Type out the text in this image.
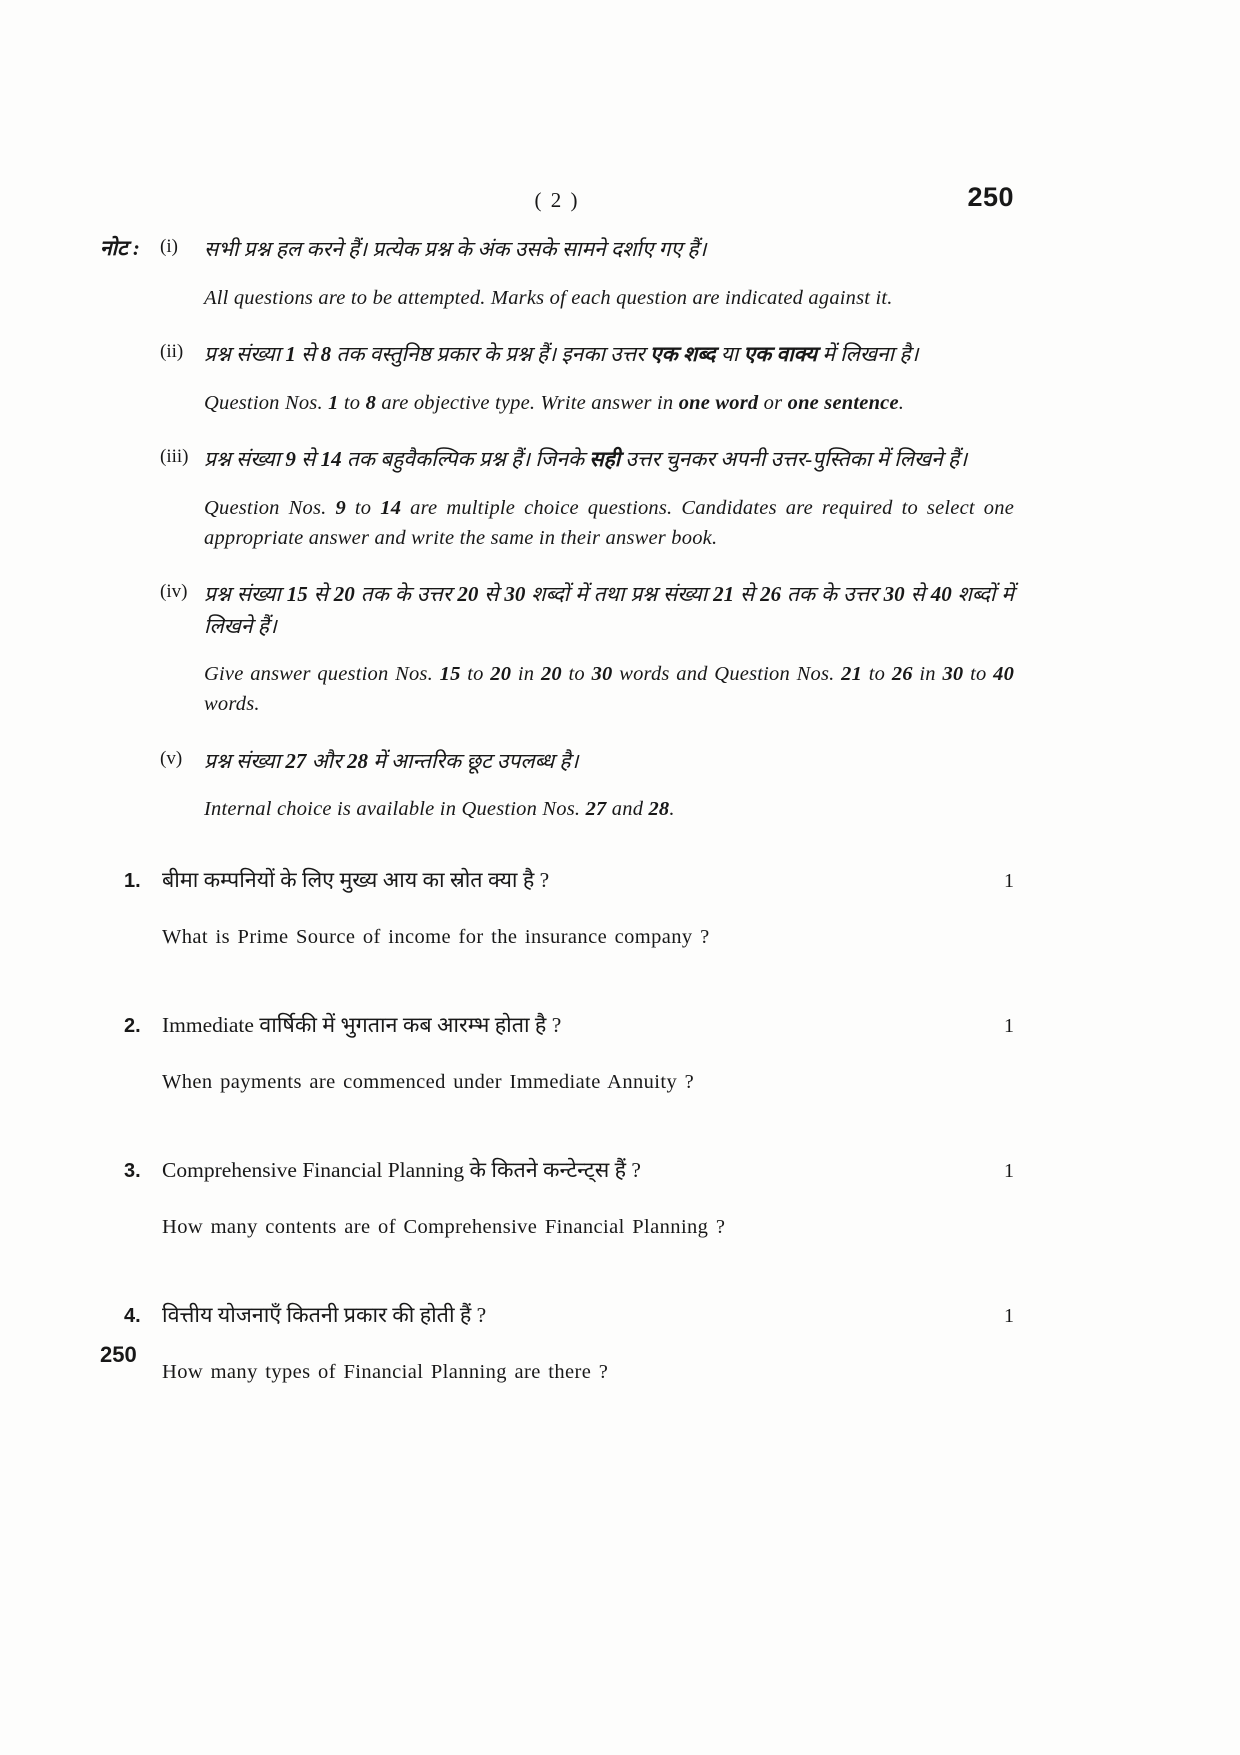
( 2 )	250
नोट :	(i)	सभी प्रश्न हल करने हैं। प्रत्येक प्रश्न के अंक उसके सामने दर्शाए गए हैं।
All questions are to be attempted. Marks of each question are indicated against it.
(ii) प्रश्न संख्या 1 से 8 तक वस्तुनिष्ठ प्रकार के प्रश्न हैं। इनका उत्तर एक शब्द या एक वाक्य में लिखना है।
Question Nos. 1 to 8 are objective type. Write answer in one word or one sentence.
(iii) प्रश्न संख्या 9 से 14 तक बहुवैकल्पिक प्रश्न हैं। जिनके सही उत्तर चुनकर अपनी उत्तर-पुस्तिका में लिखने हैं।
Question Nos. 9 to 14 are multiple choice questions. Candidates are required to select one appropriate answer and write the same in their answer book.
(iv) प्रश्न संख्या 15 से 20 तक के उत्तर 20 से 30 शब्दों में तथा प्रश्न संख्या 21 से 26 तक के उत्तर 30 से 40 शब्दों में लिखने हैं।
Give answer question Nos. 15 to 20 in 20 to 30 words and Question Nos. 21 to 26 in 30 to 40 words.
(v)	प्रश्न संख्या 27 और 28 में आन्तरिक छूट उपलब्ध है।
Internal choice is available in Question Nos. 27 and 28.
1. बीमा कम्पनियों के लिए मुख्य आय का स्रोत क्या है ?	1
What is Prime Source of income for the insurance company ?
2. Immediate वार्षिकी में भुगतान कब आरम्भ होता है ?	1
When payments are commenced under Immediate Annuity ?
3. Comprehensive Financial Planning के कितने कन्टेन्ट्स हैं ?	1
How many contents are of Comprehensive Financial Planning ?
4. वित्तीय योजनाएँ कितनी प्रकार की होती हैं ?	1
How many types of Financial Planning are there ?
250
